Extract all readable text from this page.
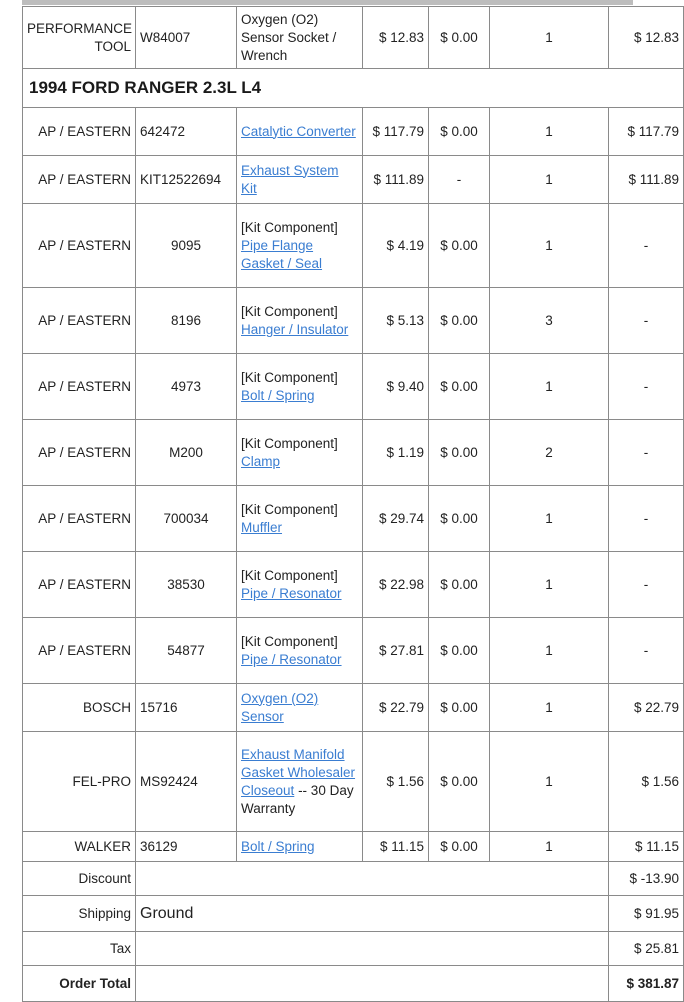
PERFORMANCE TOOL	W84007	Oxygen (O2) Sensor Socket / Wrench	$ 12.83	$ 0.00	1	$ 12.83
1994 FORD RANGER 2.3L L4						
AP / EASTERN	642472	Catalytic Converter	$ 117.79	$ 0.00	1	$ 117.79
AP / EASTERN	KIT12522694	Exhaust System Kit	$ 111.89	-	1	$ 111.89
AP / EASTERN	9095	[Kit Component] Pipe Flange Gasket / Seal	$ 4.19	$ 0.00	1	-
AP / EASTERN	8196	[Kit Component] Hanger / Insulator	$ 5.13	$ 0.00	3	-
AP / EASTERN	4973	[Kit Component] Bolt / Spring	$ 9.40	$ 0.00	1	-
AP / EASTERN	M200	[Kit Component] Clamp	$ 1.19	$ 0.00	2	-
AP / EASTERN	700034	[Kit Component] Muffler	$ 29.74	$ 0.00	1	-
AP / EASTERN	38530	[Kit Component] Pipe / Resonator	$ 22.98	$ 0.00	1	-
AP / EASTERN	54877	[Kit Component] Pipe / Resonator	$ 27.81	$ 0.00	1	-
BOSCH	15716	Oxygen (O2) Sensor	$ 22.79	$ 0.00	1	$ 22.79
FEL-PRO	MS92424	Exhaust Manifold Gasket Wholesaler Closeout -- 30 Day Warranty	$ 1.56	$ 0.00	1	$ 1.56
WALKER	36129	Bolt / Spring	$ 11.15	$ 0.00	1	$ 11.15
Discount						$ -13.90
Shipping	Ground					$ 91.95
Tax						$ 25.81
Order Total						$ 381.87
